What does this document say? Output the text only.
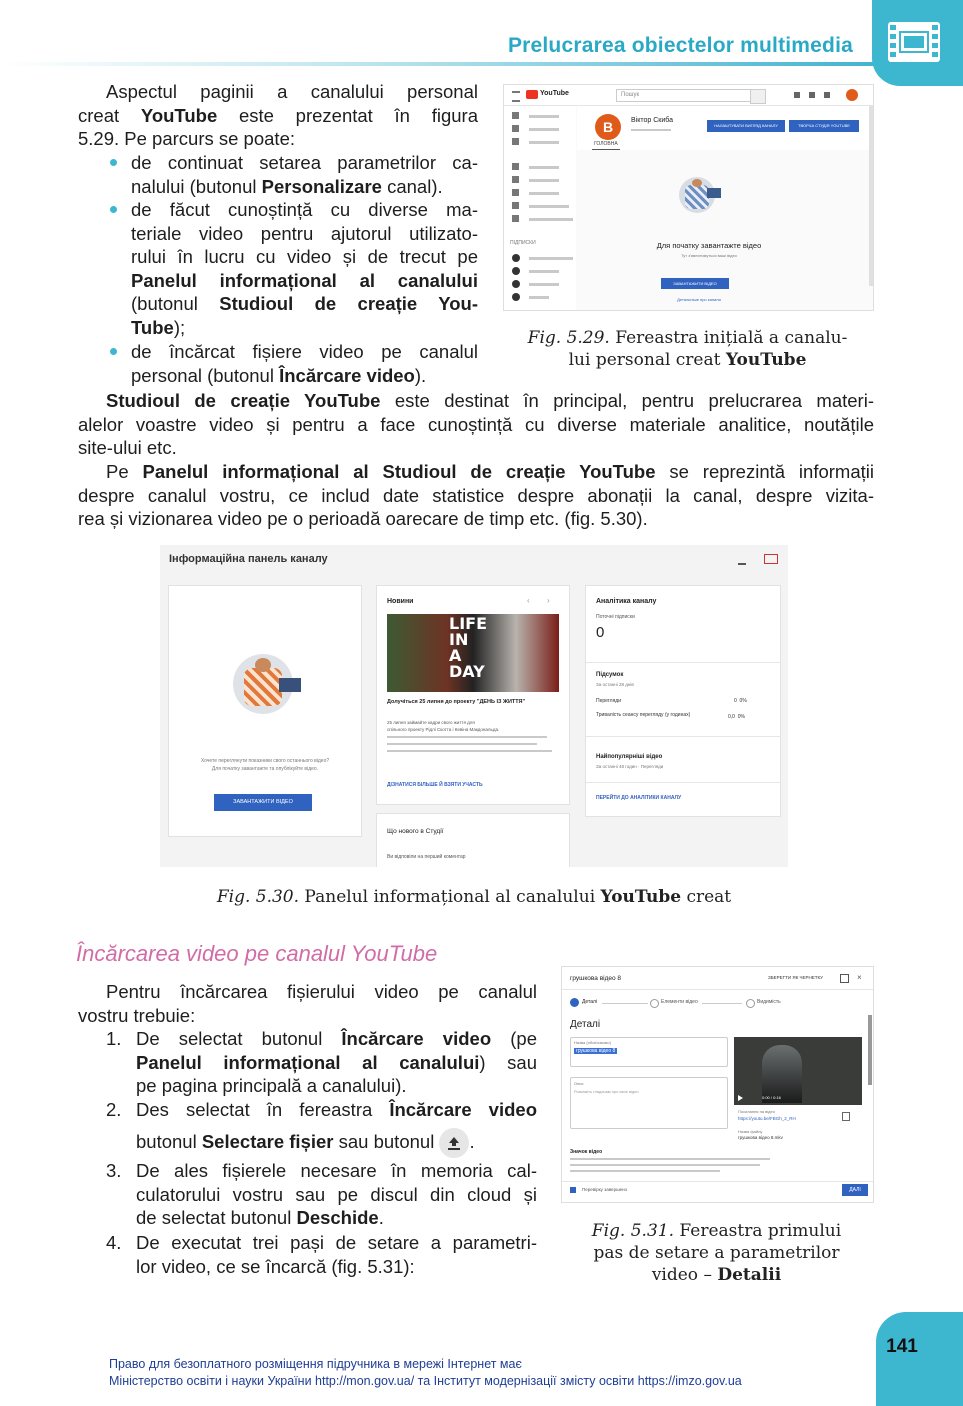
Prelucrarea obiectelor multimedia
Aspectul paginii a canalului personal
creat YouTube este prezentat în figura
5.29. Pe parcurs se poate:
de continuat setarea parametrilor ca-
nalului (butonul Personalizare canal).
de făcut cunoștință cu diverse ma-
teriale video pentru ajutorul utilizato-
rului în lucru cu video și de trecut pe
Panelul informațional al canalului
(butonul Studioul de creație You-
Tube);
de încărcat fișiere video pe canalul
personal (butonul Încărcare video).
YouTube	Пошук
ПІДПИСКИ
B	Віктор Скиба
НАЛАШТУВАТИ ВИГЛЯД КАНАЛУ	ТВОРЧА СТУДІЯ YOUTUBE
ГОЛОВНА
Для початку завантажте відео
Тут з'являтимуться ваші відео
ЗАВАНТАЖИТИ ВІДЕО
Детальніше про канали
Fig. 5.29. Fereastra inițială a canalu-
lui personal creat YouTube
Studioul de creație YouTube este destinat în principal, pentru prelucrarea materi-
alelor voastre video și pentru a face cunoștință cu diverse materiale analitice, noutățile
site-ului etc.
Pe Panelul informațional al Studioul de creație YouTube se reprezintă informații
despre canalul vostru, ce includ date statistice despre abonații la canal, despre vizita-
rea și vizionarea video pe o perioadă oarecare de timp etc. (fig. 5.30).
Інформаційна панель каналу
Хочете переглянути показники свого останнього відео?
Для початку завантажте та опублікуйте відео.
ЗАВАНТАЖИТИ ВІДЕО
Новини	‹ ›
LIFE IN A DAY
Долучіться 25 липня до проекту "ДЕНЬ ІЗ ЖИТТЯ"
25 липня займайте кадри свого життя для
спільного проекту Рідлі Скотта і Кевіна Макдональда.
ДІЗНАТИСЯ БІЛЬШЕ Й ВЗЯТИ УЧАСТЬ
Що нового в Студії
Ви відповіли на перший коментар
Аналітика каналу
Поточні підписки
0
Підсумок
За останні 28 днів
Перегляди	0  0%
Тривалість сеансу перегляду (у годинах)	0,0  0%
Найпопулярніші відео
За останні 48 годин · Перегляди
ПЕРЕЙТИ ДО АНАЛІТИКИ КАНАЛУ
Fig. 5.30. Panelul informațional al canalului YouTube creat
Încărcarea video pe canalul YouTube
Pentru încărcarea fișierului video pe canalul
vostru trebuie:
1. De selectat butonul Încărcare video (pe
Panelul informațional al canalului) sau
pe pagina principală a canalului).
2. Des selectat în fereastra Încărcare video
butonul Selectare fișier sau butonul
.
3. De ales fișierele necesare în memoria cal-
culatorului vostru sau pe discul din cloud și
de selectat butonul Deschide.
4. De executat trei pași de setare a parametri-
lor video, ce se încarcă (fig. 5.31):
грушкова відео 8	ЗБЕРЕГТИ ЯК ЧЕРНЕТКУ	×
Деталі	Елементи відео	Видимість
Деталі
Назва (обов'язково)
грушкова відео 8
Опис
Розкажіть глядачам про своє відео
0:00 / 0:16
Посилання на відео
https://youtu.be/FBGh_2_RH
Назва файлу
грушкова відео 8.mkv
Значок відео
Перевірку завершено	ДАЛІ
Fig. 5.31. Fereastra primului
pas de setare a parametrilor
video – Detalii
141
Право для безоплатного розміщення підручника в мережі Інтернет має
Міністерство освіти і науки України http://mon.gov.ua/ та Інститут модернізації змісту освіти https://imzo.gov.ua
